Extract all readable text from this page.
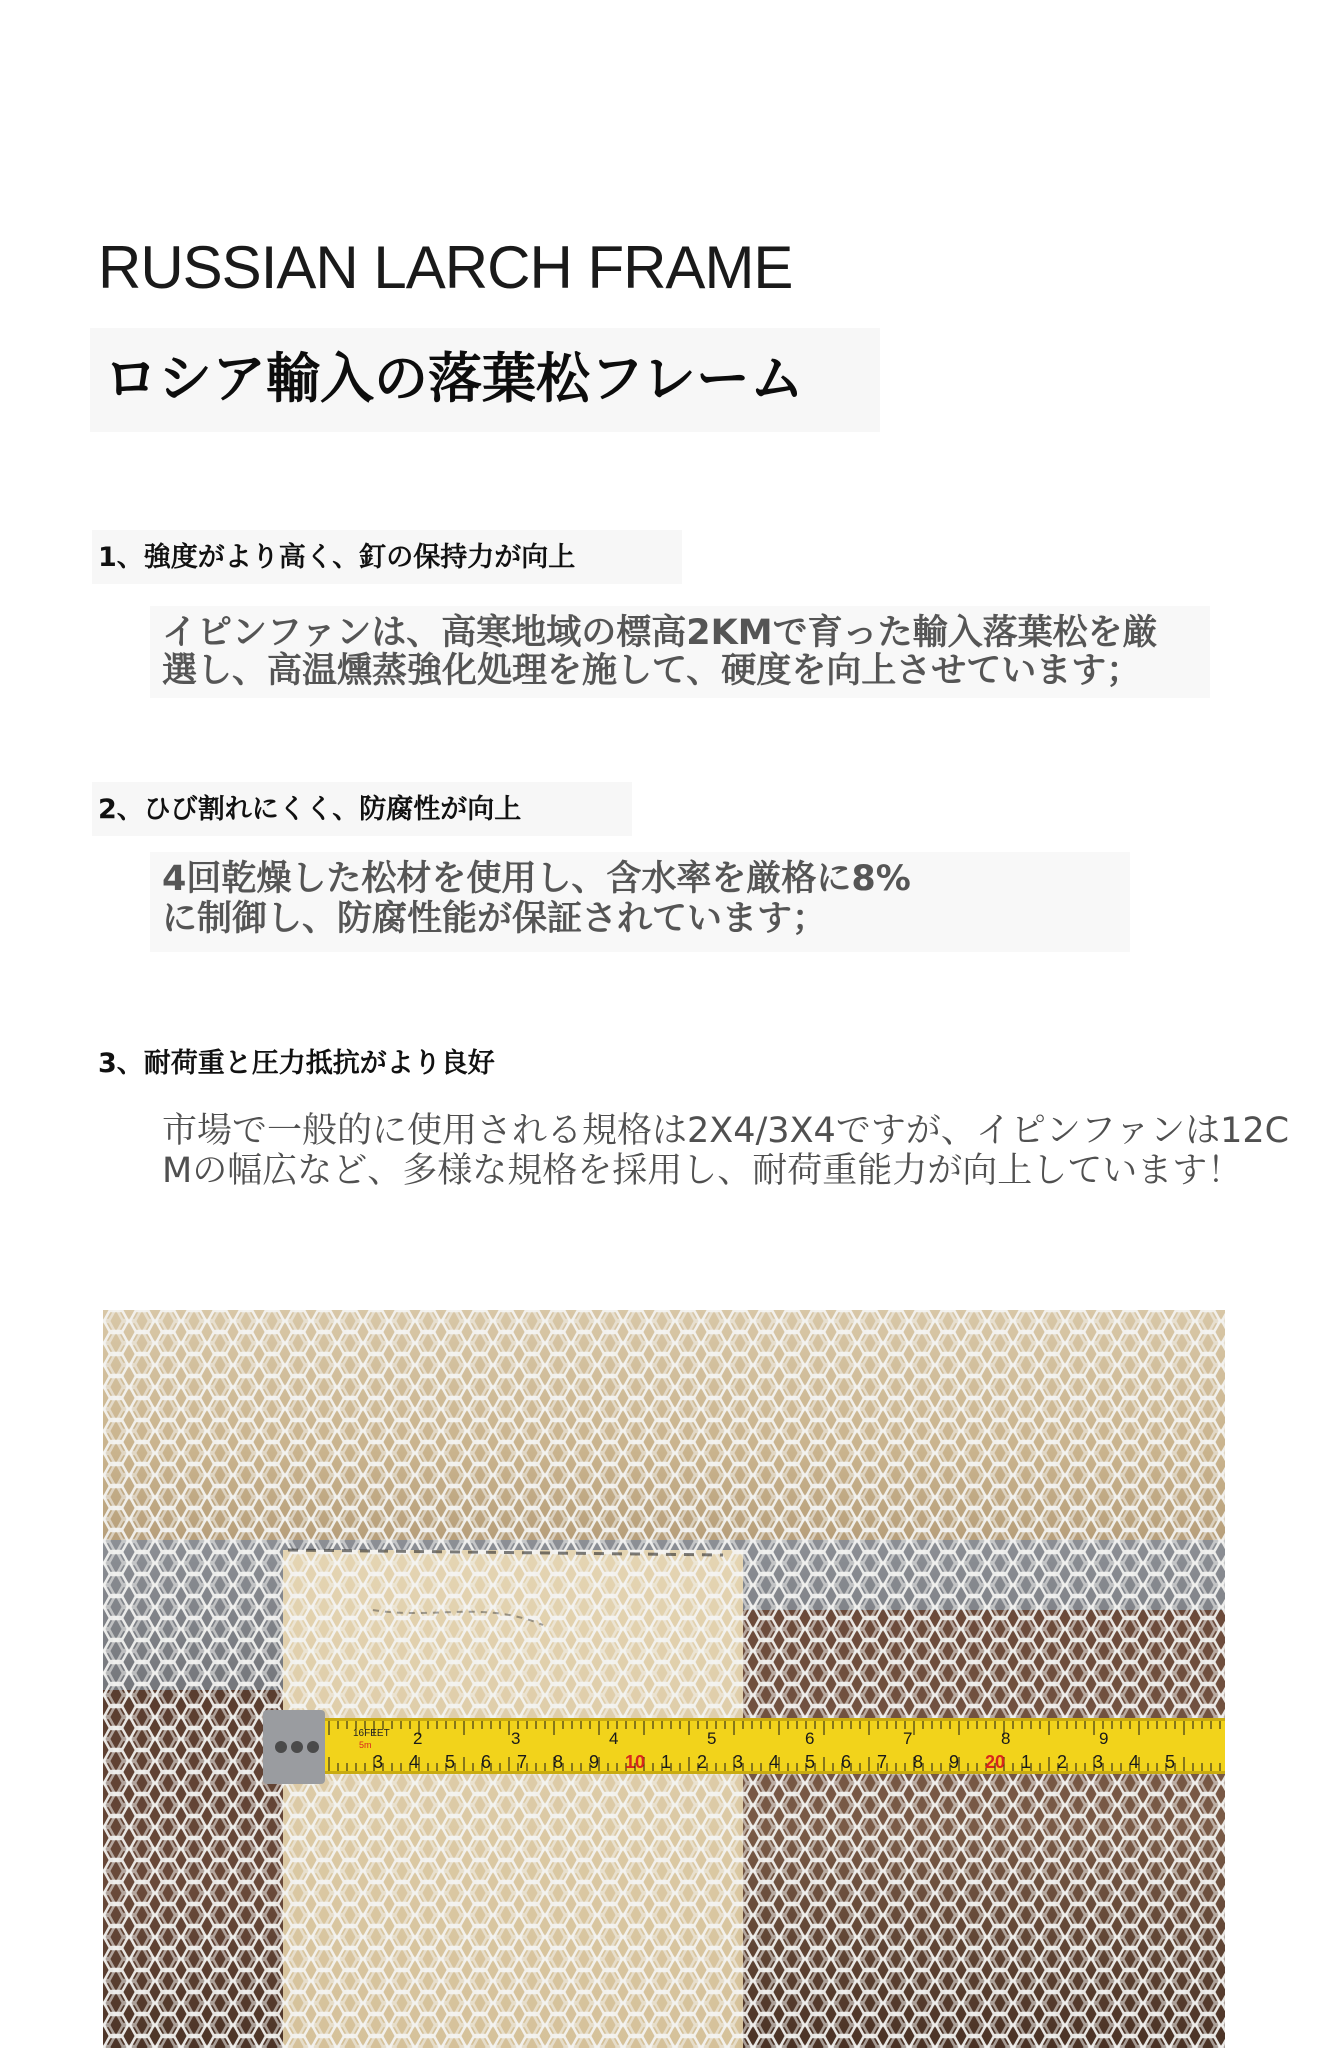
RUSSIAN LARCH FRAME
ロシア輸入の落葉松フレーム
1、強度がより高く、釘の保持力が向上
イピンファンは、高寒地域の標高2KMで育った輸入落葉松を厳
選し、高温燻蒸強化処理を施して、硬度を向上させています；
2、ひび割れにくく、防腐性が向上
4回乾燥した松材を使用し、含水率を厳格に8%
に制御し、防腐性能が保証されています；
3、耐荷重と圧力抵抗がより良好
市場で一般的に使用される規格は2X4/3X4ですが、イピンファンは12C
Mの幅広など、多様な規格を採用し、耐荷重能力が向上しています！
16FEET
5m 2	3	4	5	6	7	8	9
3 4 5 6 7 8 9 10 1 2 3 4 5 6 7 8 9 20 1 2 3 4 5
